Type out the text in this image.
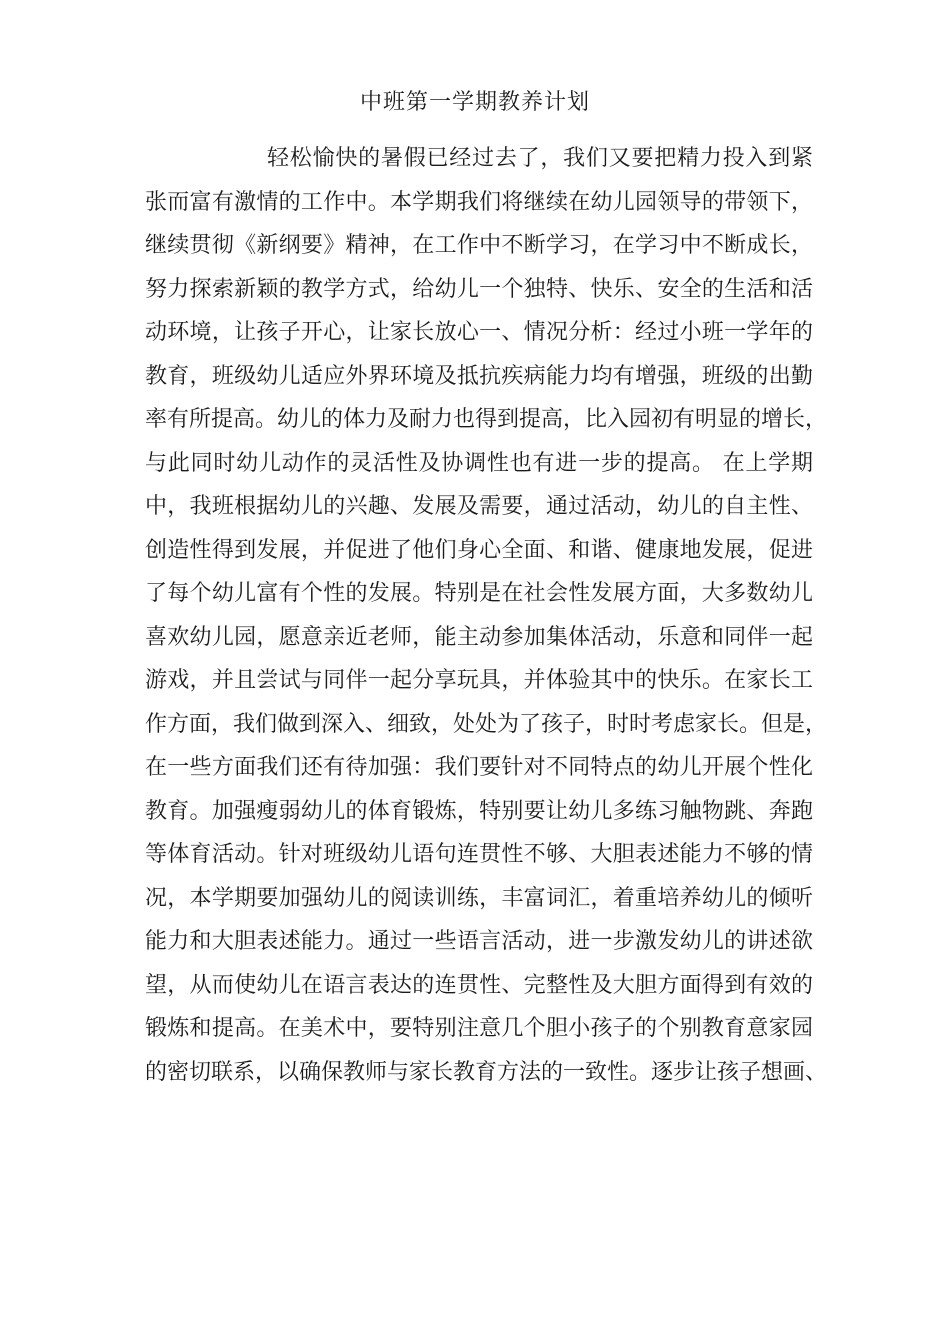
中班第一学期教养计划
轻松愉快的暑假已经过去了，我们又要把精力投入到紧
张而富有激情的工作中。本学期我们将继续在幼儿园领导的带领下，
继续贯彻《新纲要》精神，在工作中不断学习，在学习中不断成长，
努力探索新颖的教学方式，给幼儿一个独特、快乐、安全的生活和活
动环境，让孩子开心，让家长放心一、情况分析：经过小班一学年的
教育，班级幼儿适应外界环境及抵抗疾病能力均有增强，班级的出勤
率有所提高。幼儿的体力及耐力也得到提高，比入园初有明显的增长，
与此同时幼儿动作的灵活性及协调性也有进一步的提高。 在上学期
中，我班根据幼儿的兴趣、发展及需要，通过活动，幼儿的自主性、
创造性得到发展，并促进了他们身心全面、和谐、健康地发展，促进
了每个幼儿富有个性的发展。特别是在社会性发展方面，大多数幼儿
喜欢幼儿园，愿意亲近老师，能主动参加集体活动，乐意和同伴一起
游戏，并且尝试与同伴一起分享玩具，并体验其中的快乐。在家长工
作方面，我们做到深入、细致，处处为了孩子，时时考虑家长。但是，
在一些方面我们还有待加强：我们要针对不同特点的幼儿开展个性化
教育。加强瘦弱幼儿的体育锻炼，特别要让幼儿多练习触物跳、奔跑
等体育活动。针对班级幼儿语句连贯性不够、大胆表述能力不够的情
况，本学期要加强幼儿的阅读训练，丰富词汇，着重培养幼儿的倾听
能力和大胆表述能力。通过一些语言活动，进一步激发幼儿的讲述欲
望，从而使幼儿在语言表达的连贯性、完整性及大胆方面得到有效的
锻炼和提高。在美术中，要特别注意几个胆小孩子的个别教育意家园
的密切联系，以确保教师与家长教育方法的一致性。逐步让孩子想画、
